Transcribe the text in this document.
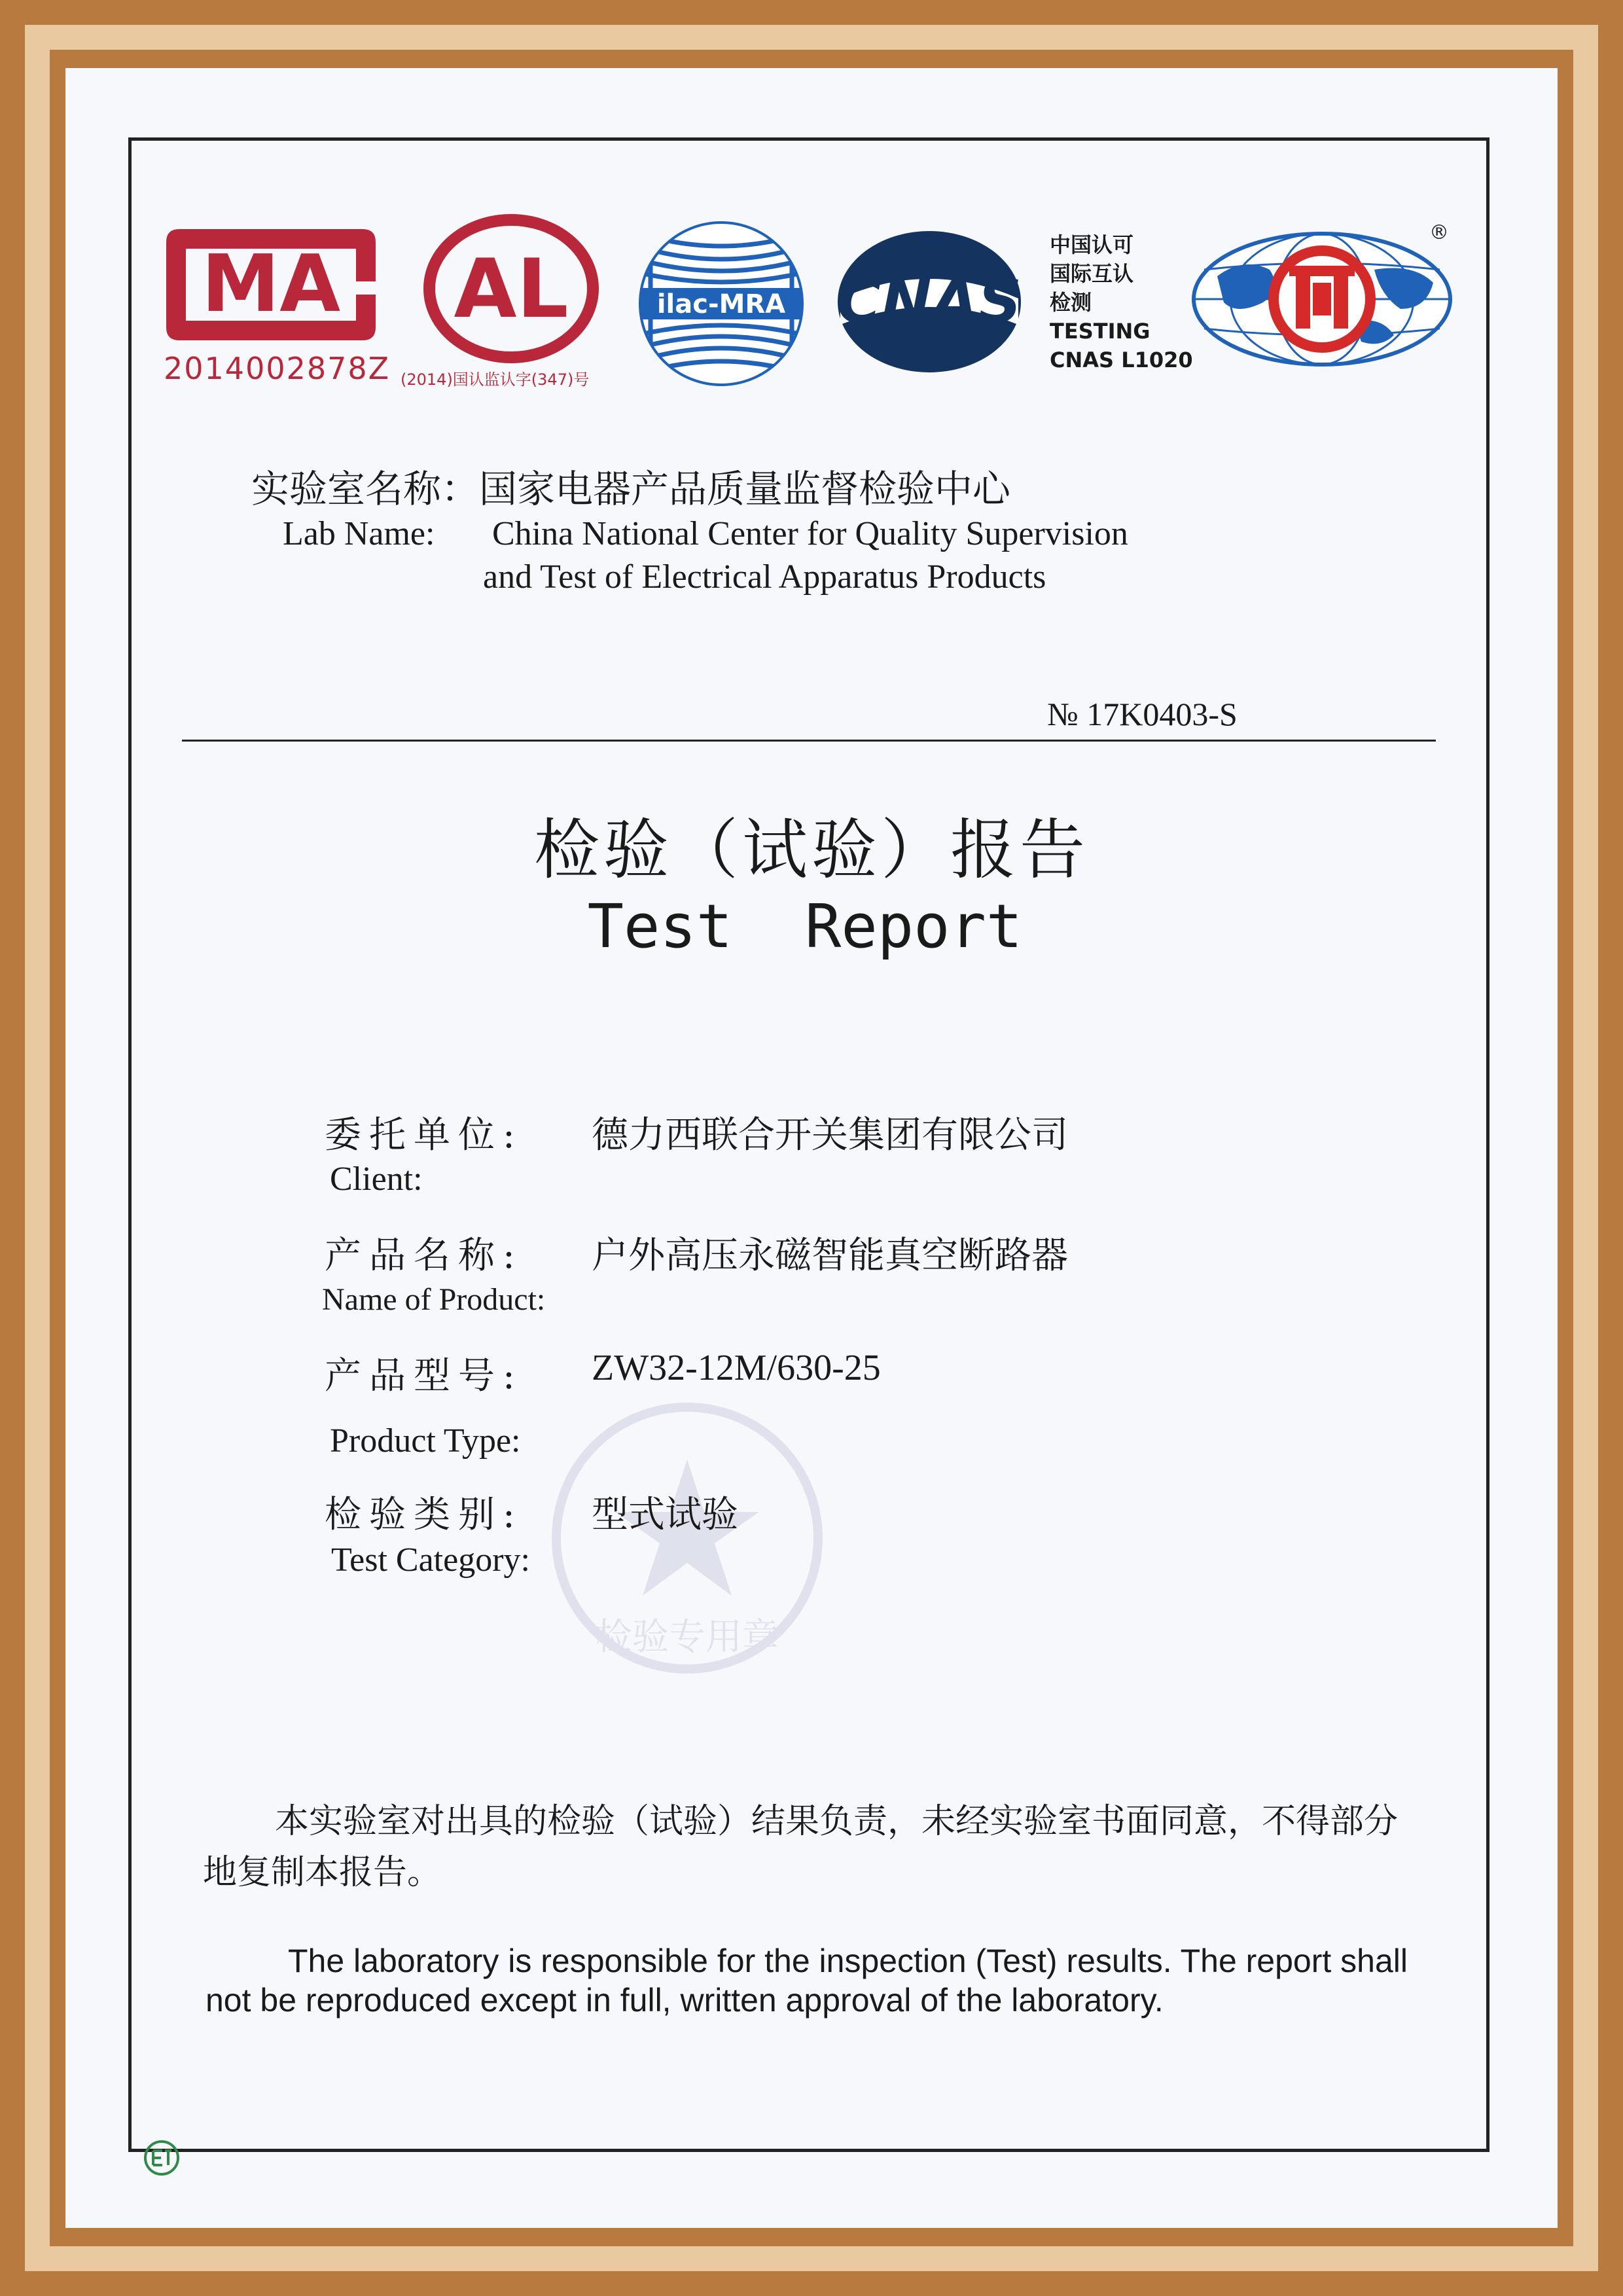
MA
2014002878Z
AL
(2014)国认监认字(347)号
ilac-MRA CNAS
中国认可
国际互认
检测
TESTING
CNAS L1020
®
实验室名称：国家电器产品质量监督检验中心
Lab Name: China National Center for Quality Supervision
and Test of Electrical Apparatus Products
№ 17K0403-S
检验（试验）报告
Test  Report
检验专用章
委托单位: 德力西联合开关集团有限公司
Client:
产品名称: 户外高压永磁智能真空断路器
Name of Product:
产品型号: ZW32-12M/630-25
Product Type:
检验类别: 型式试验
Test Category:
本实验室对出具的检验（试验）结果负责，未经实验室书面同意，不得部分地复制本报告。
The laboratory is responsible for the inspection (Test) results. The report shall not be reproduced except in full, written approval of the laboratory.
